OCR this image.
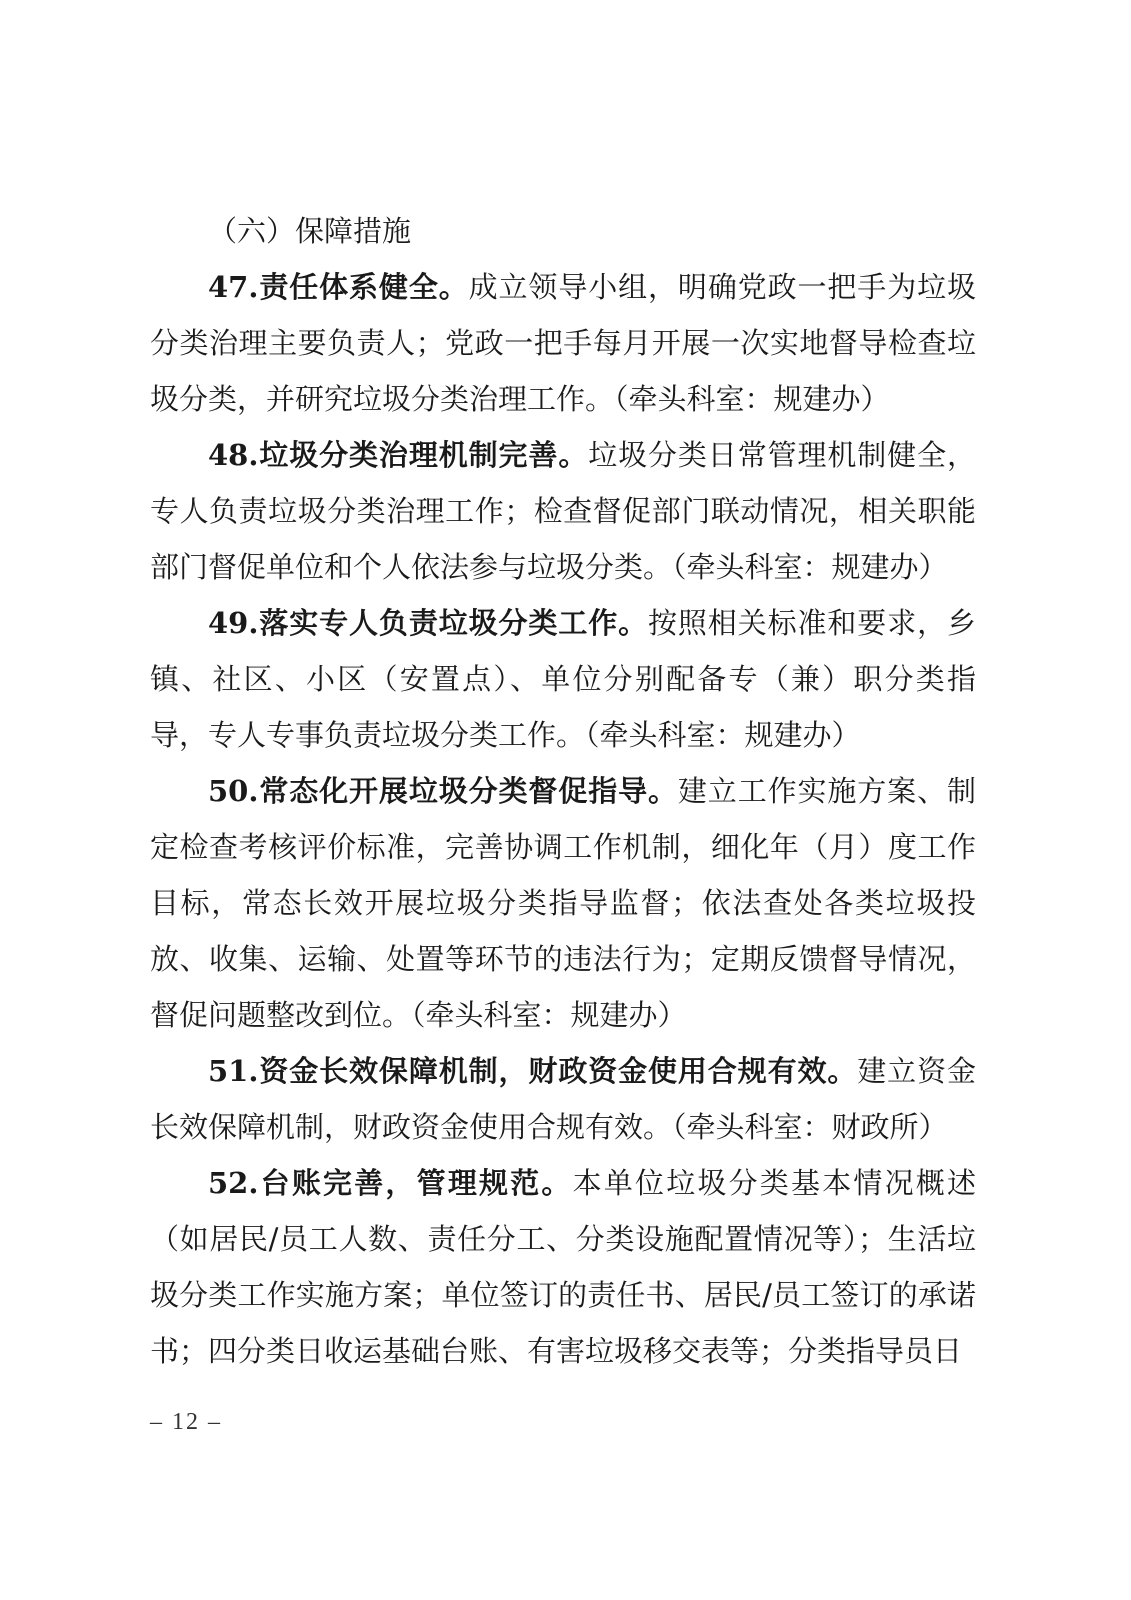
（六）保障措施

47.责任体系健全。成立领导小组，明确党政一把手为垃圾分类治理主要负责人；党政一把手每月开展一次实地督导检查垃圾分类，并研究垃圾分类治理工作。（牵头科室：规建办）

48.垃圾分类治理机制完善。垃圾分类日常管理机制健全，专人负责垃圾分类治理工作；检查督促部门联动情况，相关职能部门督促单位和个人依法参与垃圾分类。（牵头科室：规建办）

49.落实专人负责垃圾分类工作。按照相关标准和要求，乡镇、社区、小区（安置点）、单位分别配备专（兼）职分类指导，专人专事负责垃圾分类工作。（牵头科室：规建办）

50.常态化开展垃圾分类督促指导。建立工作实施方案、制定检查考核评价标准，完善协调工作机制，细化年（月）度工作目标，常态长效开展垃圾分类指导监督；依法查处各类垃圾投放、收集、运输、处置等环节的违法行为；定期反馈督导情况，督促问题整改到位。（牵头科室：规建办）

51.资金长效保障机制，财政资金使用合规有效。建立资金长效保障机制，财政资金使用合规有效。（牵头科室：财政所）

52.台账完善，管理规范。本单位垃圾分类基本情况概述（如居民/员工人数、责任分工、分类设施配置情况等）；生活垃圾分类工作实施方案；单位签订的责任书、居民/员工签订的承诺书；四分类日收运基础台账、有害垃圾移交表等；分类指导员日

– 12 –
